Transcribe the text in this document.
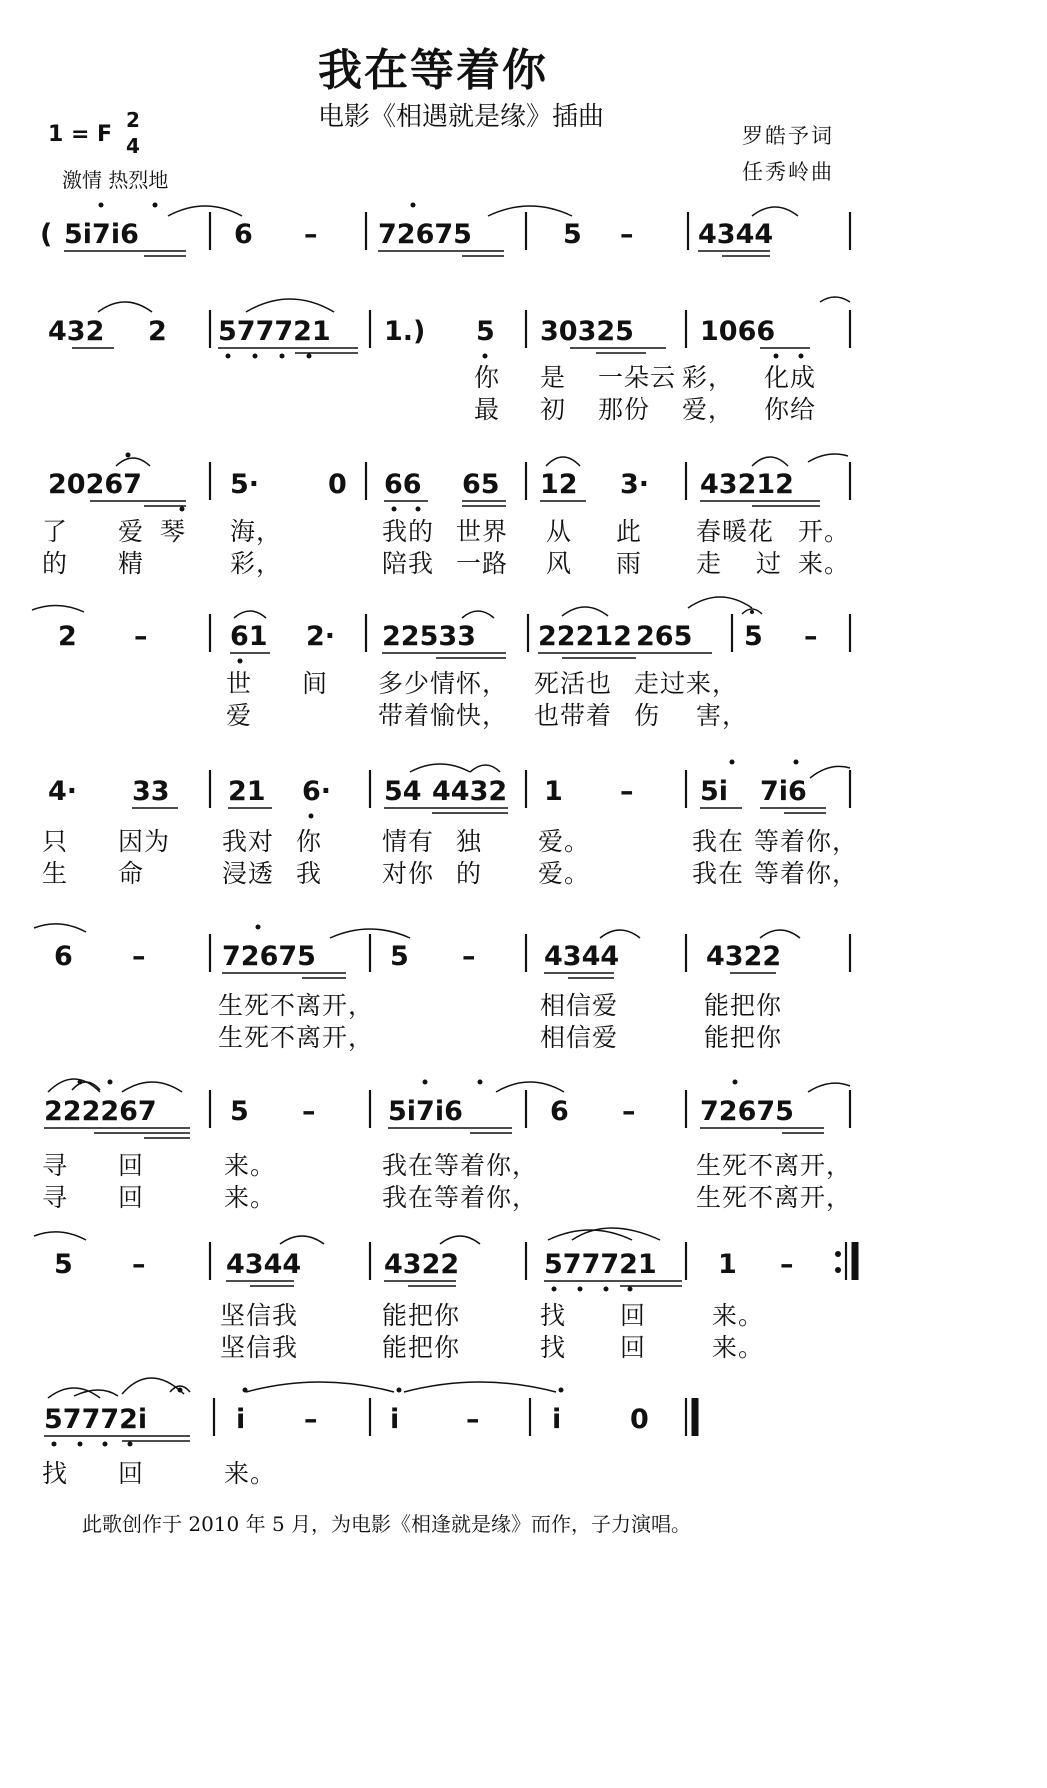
我在等着你
电影《相遇就是缘》插曲
1 = F
2
4
激情 热烈地
罗皓予词
任秀岭曲
( 5i7i6	6 – 72675	5 – 4344
432 2 577721 1.) 5 30325 1066
20267	5·	0 66 65 12 3· 43212
2 –	61 2· 22533 22212 265 5 –
4· 33 21 6· 54 4432 1 – 5i 7i6
6 –	72675	5 –	4344	4322
222267	5 –	5i7i6	6 – 72675
5 –	4344	4322	577721 1 –
57772i	i –	i –	i	0
你 是 一朵云 彩， 化成
最 初 那份 爱， 你给
了 爱 琴 海，	我的 世界 从 此 春暖花 开。
的 精	彩，	陪我 一路 风 雨 走 过 来。
世 间 多少情怀， 死活也 走过来，
爱	带着愉快， 也带着 伤 害，
只 因为 我对 你 情有 独 爱。	我在 等着你，
生 命	浸透 我 对你 的 爱。	我在 等着你，
生死不离开，	相信爱	能把你
生死不离开，	相信爱	能把你
寻 回	来。	我在等着你，	生死不离开，
寻 回	来。	我在等着你，	生死不离开，
坚信我	能把你	找 回	来。
坚信我	能把你	找 回	来。
找 回	来。
此歌创作于 2010 年 5 月，为电影《相逢就是缘》而作，子力演唱。
